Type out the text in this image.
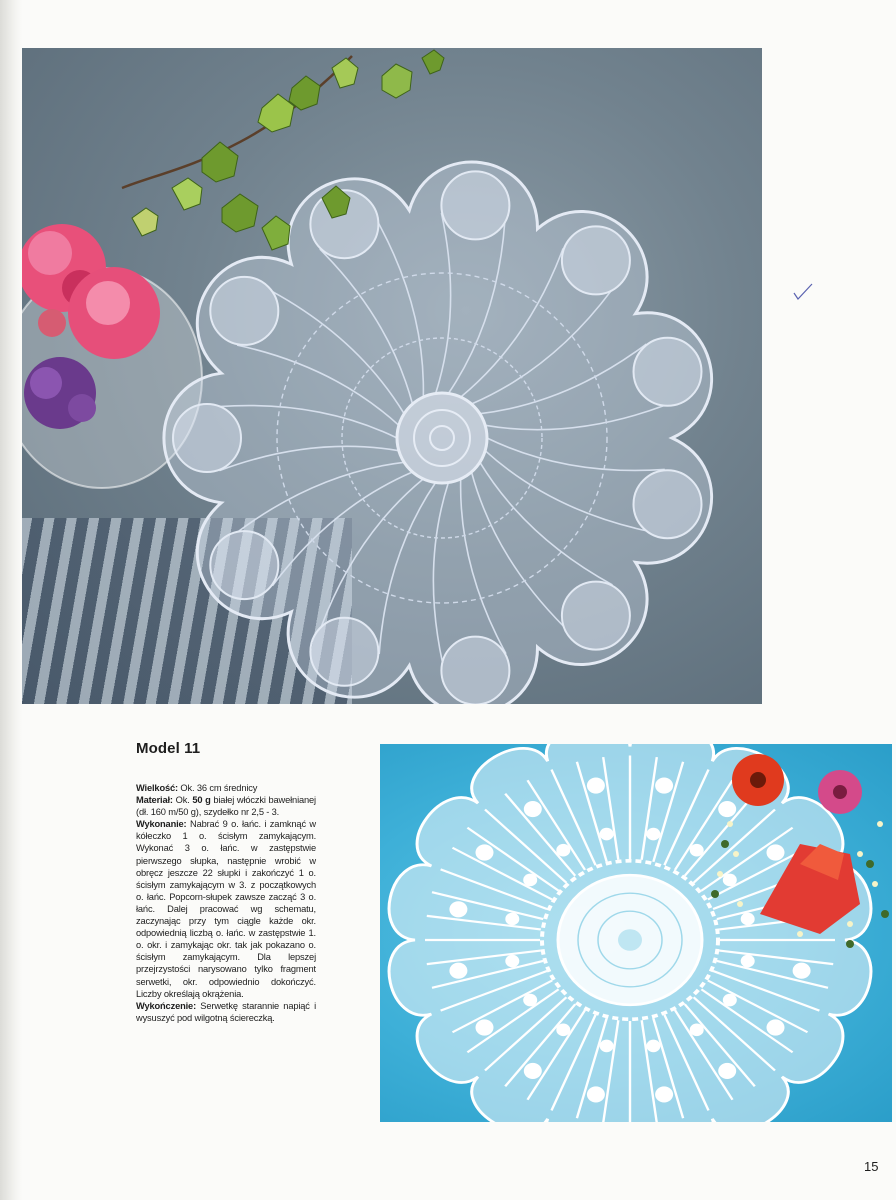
Model 11

Wielkość: Ok. 36 cm średnicy

Materiał: Ok. 50 g białej włóczki bawełnianej (dł. 160 m/50 g), szydełko nr 2,5 - 3.

Wykonanie: Nabrać 9 o. łańc. i zamknąć w kółeczko 1 o. ścisłym zamykającym. Wykonać 3 o. łańc. w zastępstwie pierwszego słupka, następnie wrobić w obręcz jeszcze 22 słupki i zakończyć 1 o. ścisłym zamykającym w 3. z początkowych o. łańc. Popcorn-słupek zawsze zacząć 3 o. łańc. Dalej pracować wg schematu, zaczynając przy tym ciągle każde okr. odpowiednią liczbą o. łańc. w zastępstwie 1. o. okr. i zamykając okr. tak jak pokazano o. ścisłym zamykającym. Dla lepszej przejrzystości narysowano tylko fragment serwetki, okr. odpowiednio dokończyć. Liczby określają okrążenia.

Wykończenie: Serwetkę starannie napiąć i wysuszyć pod wilgotną ściereczką.

15
